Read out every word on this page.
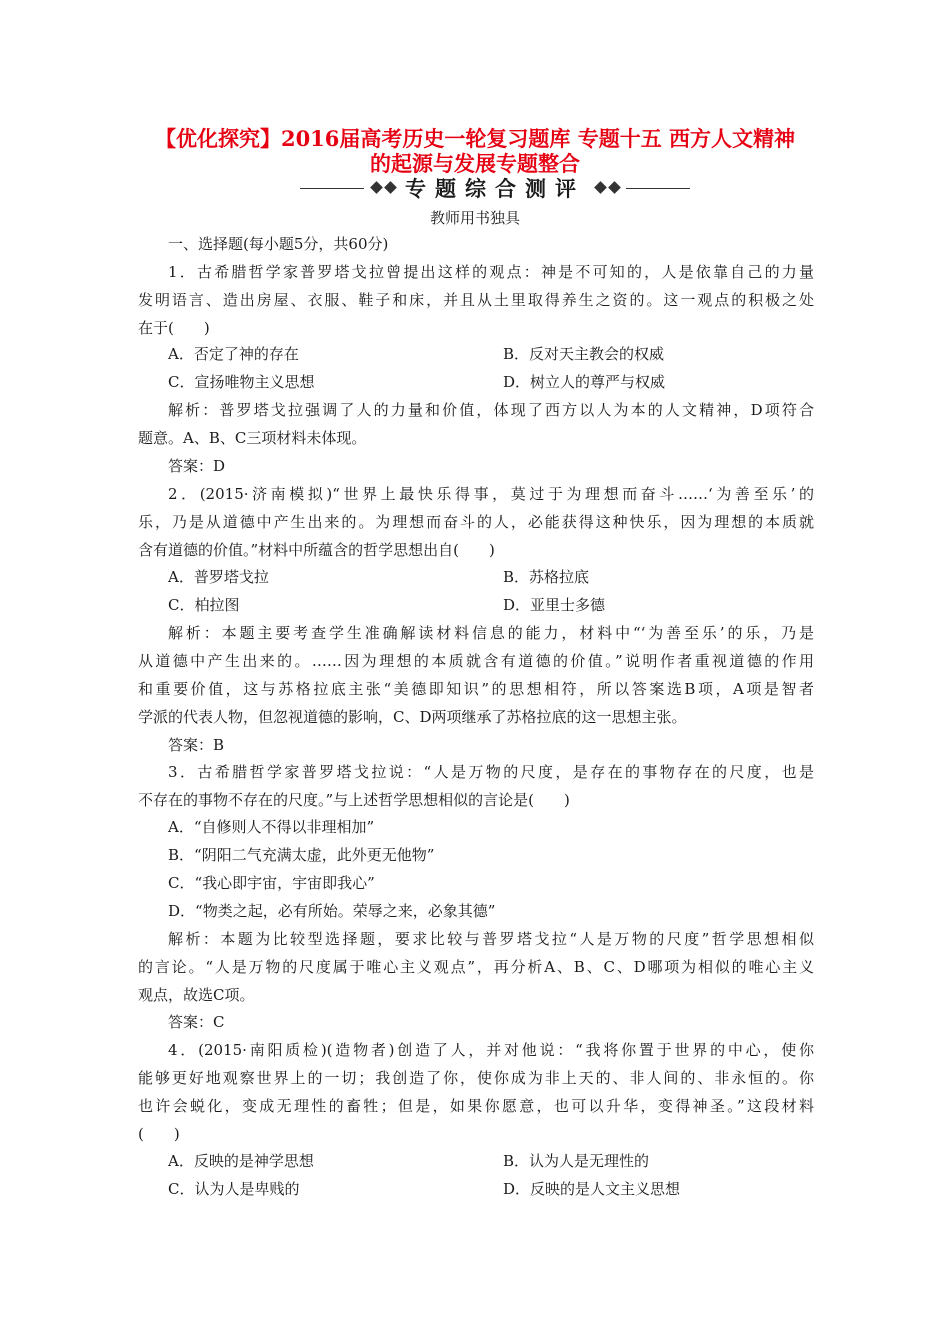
【优化探究】2016届高考历史一轮复习题库 专题十五 西方人文精神
的起源与发展专题整合
专题综合测评
教师用书独具
一、选择题(每小题5分，共60分)
1．古希腊哲学家普罗塔戈拉曾提出这样的观点：神是不可知的，人是依靠自己的力量
发明语言、造出房屋、衣服、鞋子和床，并且从土里取得养生之资的。这一观点的积极之处
在于(　　)
A．否定了神的存在	B．反对天主教会的权威
C．宣扬唯物主义思想	D．树立人的尊严与权威
解析：普罗塔戈拉强调了人的力量和价值，体现了西方以人为本的人文精神，D项符合
题意。A、B、C三项材料未体现。
答案：D
2．(2015·济南模拟)“世界上最快乐得事，莫过于为理想而奋斗……‘为善至乐’的
乐，乃是从道德中产生出来的。为理想而奋斗的人，必能获得这种快乐，因为理想的本质就
含有道德的价值。”材料中所蕴含的哲学思想出自(　　)
A．普罗塔戈拉	B．苏格拉底
C．柏拉图	D．亚里士多德
解析：本题主要考查学生准确解读材料信息的能力，材料中“‘为善至乐’的乐，乃是
从道德中产生出来的。……因为理想的本质就含有道德的价值。”说明作者重视道德的作用
和重要价值，这与苏格拉底主张“美德即知识”的思想相符，所以答案选B项，A项是智者
学派的代表人物，但忽视道德的影响，C、D两项继承了苏格拉底的这一思想主张。
答案：B
3．古希腊哲学家普罗塔戈拉说：“人是万物的尺度，是存在的事物存在的尺度，也是
不存在的事物不存在的尺度。”与上述哲学思想相似的言论是(　　)
A．“自修则人不得以非理相加”
B．“阴阳二气充满太虚，此外更无他物”
C．“我心即宇宙，宇宙即我心”
D．“物类之起，必有所始。荣辱之来，必象其德”
解析：本题为比较型选择题，要求比较与普罗塔戈拉“人是万物的尺度”哲学思想相似
的言论。“人是万物的尺度属于唯心主义观点”，再分析A、B、C、D哪项为相似的唯心主义
观点，故选C项。
答案：C
4．(2015·南阳质检)(造物者)创造了人，并对他说：“我将你置于世界的中心，使你
能够更好地观察世界上的一切；我创造了你，使你成为非上天的、非人间的、非永恒的。你
也许会蜕化，变成无理性的畜牲；但是，如果你愿意，也可以升华，变得神圣。”这段材料
(　　)
A．反映的是神学思想	B．认为人是无理性的
C．认为人是卑贱的	D．反映的是人文主义思想
